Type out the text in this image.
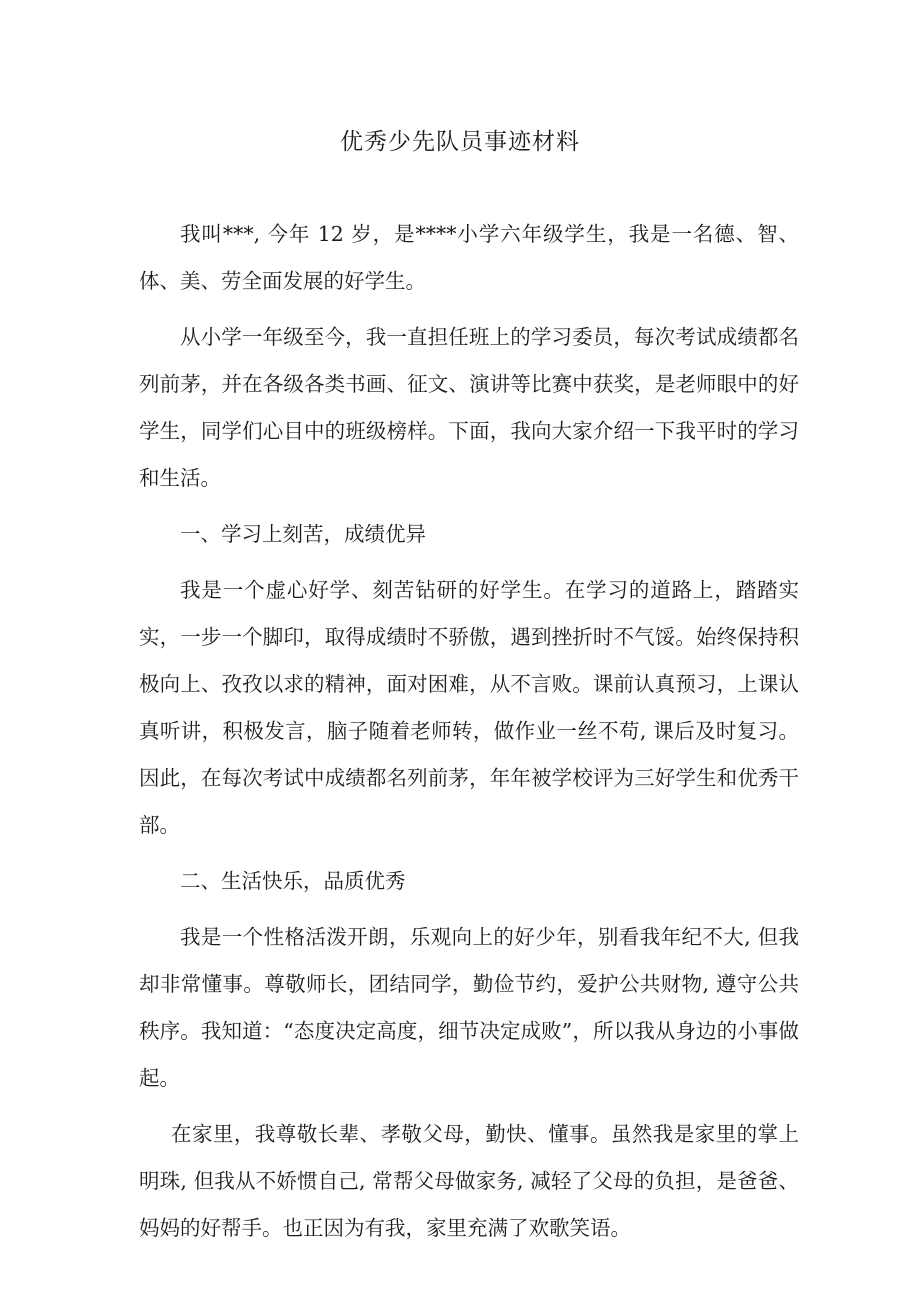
优秀少先队员事迹材料

我叫***, 今年 12 岁，是****小学六年级学生，我是一名德、智、体、美、劳全面发展的好学生。

从小学一年级至今，我一直担任班上的学习委员，每次考试成绩都名列前茅，并在各级各类书画、征文、演讲等比赛中获奖，是老师眼中的好学生，同学们心目中的班级榜样。下面，我向大家介绍一下我平时的学习和生活。

一、学习上刻苦，成绩优异

我是一个虚心好学、刻苦钻研的好学生。在学习的道路上，踏踏实实，一步一个脚印，取得成绩时不骄傲，遇到挫折时不气馁。始终保持积极向上、孜孜以求的精神，面对困难，从不言败。课前认真预习，上课认真听讲，积极发言，脑子随着老师转，做作业一丝不苟, 课后及时复习。因此，在每次考试中成绩都名列前茅，年年被学校评为三好学生和优秀干部。

二、生活快乐，品质优秀

我是一个性格活泼开朗，乐观向上的好少年，别看我年纪不大, 但我却非常懂事。尊敬师长，团结同学，勤俭节约，爱护公共财物, 遵守公共秩序。我知道：“态度决定高度，细节决定成败”，所以我从身边的小事做起。

在家里，我尊敬长辈、孝敬父母，勤快、懂事。虽然我是家里的掌上明珠, 但我从不娇惯自己, 常帮父母做家务, 减轻了父母的负担，是爸爸、妈妈的好帮手。也正因为有我，家里充满了欢歌笑语。
